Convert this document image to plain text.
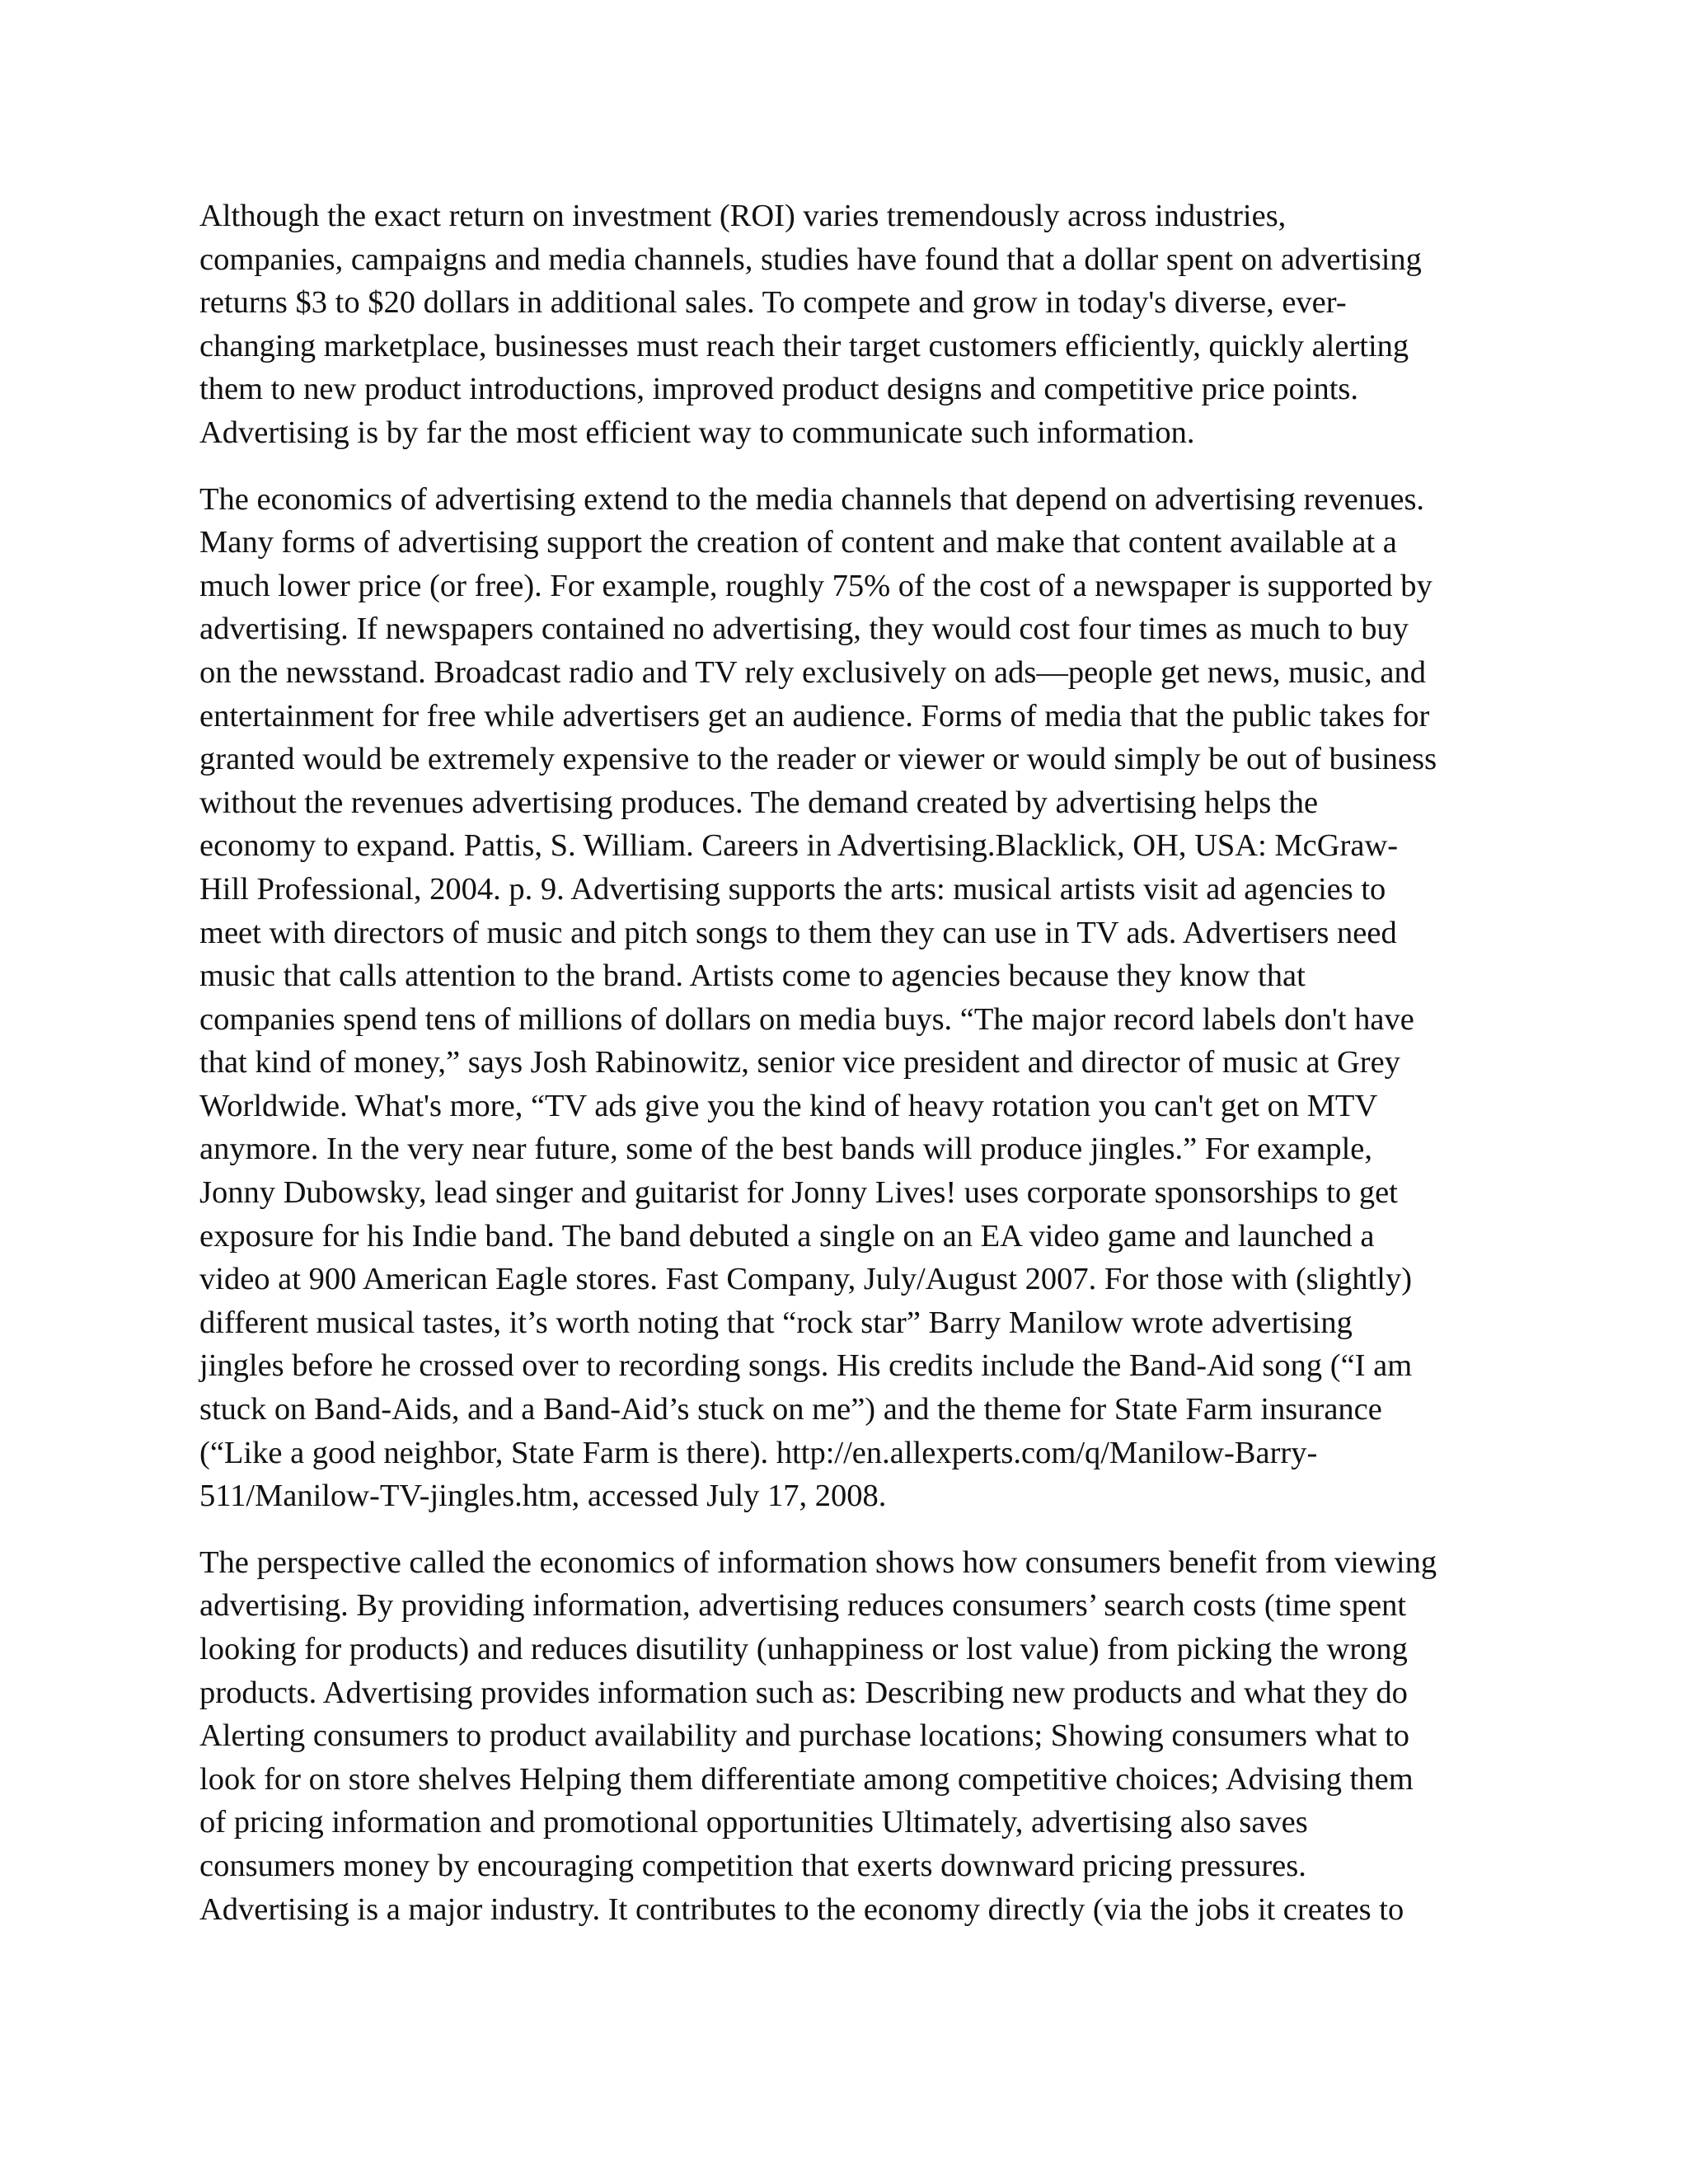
Although the exact return on investment (ROI) varies tremendously across industries,
companies, campaigns and media channels, studies have found that a dollar spent on advertising
returns $3 to $20 dollars in additional sales. To compete and grow in today's diverse, ever-
changing marketplace, businesses must reach their target customers efficiently, quickly alerting
them to new product introductions, improved product designs and competitive price points.
Advertising is by far the most efficient way to communicate such information.

The economics of advertising extend to the media channels that depend on advertising revenues.
Many forms of advertising support the creation of content and make that content available at a
much lower price (or free). For example, roughly 75% of the cost of a newspaper is supported by
advertising. If newspapers contained no advertising, they would cost four times as much to buy
on the newsstand. Broadcast radio and TV rely exclusively on ads—people get news, music, and
entertainment for free while advertisers get an audience. Forms of media that the public takes for
granted would be extremely expensive to the reader or viewer or would simply be out of business
without the revenues advertising produces. The demand created by advertising helps the
economy to expand. Pattis, S. William. Careers in Advertising.Blacklick, OH, USA: McGraw-
Hill Professional, 2004. p. 9. Advertising supports the arts: musical artists visit ad agencies to
meet with directors of music and pitch songs to them they can use in TV ads. Advertisers need
music that calls attention to the brand. Artists come to agencies because they know that
companies spend tens of millions of dollars on media buys. “The major record labels don't have
that kind of money,” says Josh Rabinowitz, senior vice president and director of music at Grey
Worldwide. What's more, “TV ads give you the kind of heavy rotation you can't get on MTV
anymore. In the very near future, some of the best bands will produce jingles.” For example,
Jonny Dubowsky, lead singer and guitarist for Jonny Lives! uses corporate sponsorships to get
exposure for his Indie band. The band debuted a single on an EA video game and launched a
video at 900 American Eagle stores. Fast Company, July/August 2007. For those with (slightly)
different musical tastes, it’s worth noting that “rock star” Barry Manilow wrote advertising
jingles before he crossed over to recording songs. His credits include the Band-Aid song (“I am
stuck on Band-Aids, and a Band-Aid’s stuck on me”) and the theme for State Farm insurance
(“Like a good neighbor, State Farm is there). http://en.allexperts.com/q/Manilow-Barry-
511/Manilow-TV-jingles.htm, accessed July 17, 2008.

The perspective called the economics of information shows how consumers benefit from viewing
advertising. By providing information, advertising reduces consumers’ search costs (time spent
looking for products) and reduces disutility (unhappiness or lost value) from picking the wrong
products. Advertising provides information such as: Describing new products and what they do
Alerting consumers to product availability and purchase locations; Showing consumers what to
look for on store shelves Helping them differentiate among competitive choices; Advising them
of pricing information and promotional opportunities Ultimately, advertising also saves
consumers money by encouraging competition that exerts downward pricing pressures.
Advertising is a major industry. It contributes to the economy directly (via the jobs it creates to
